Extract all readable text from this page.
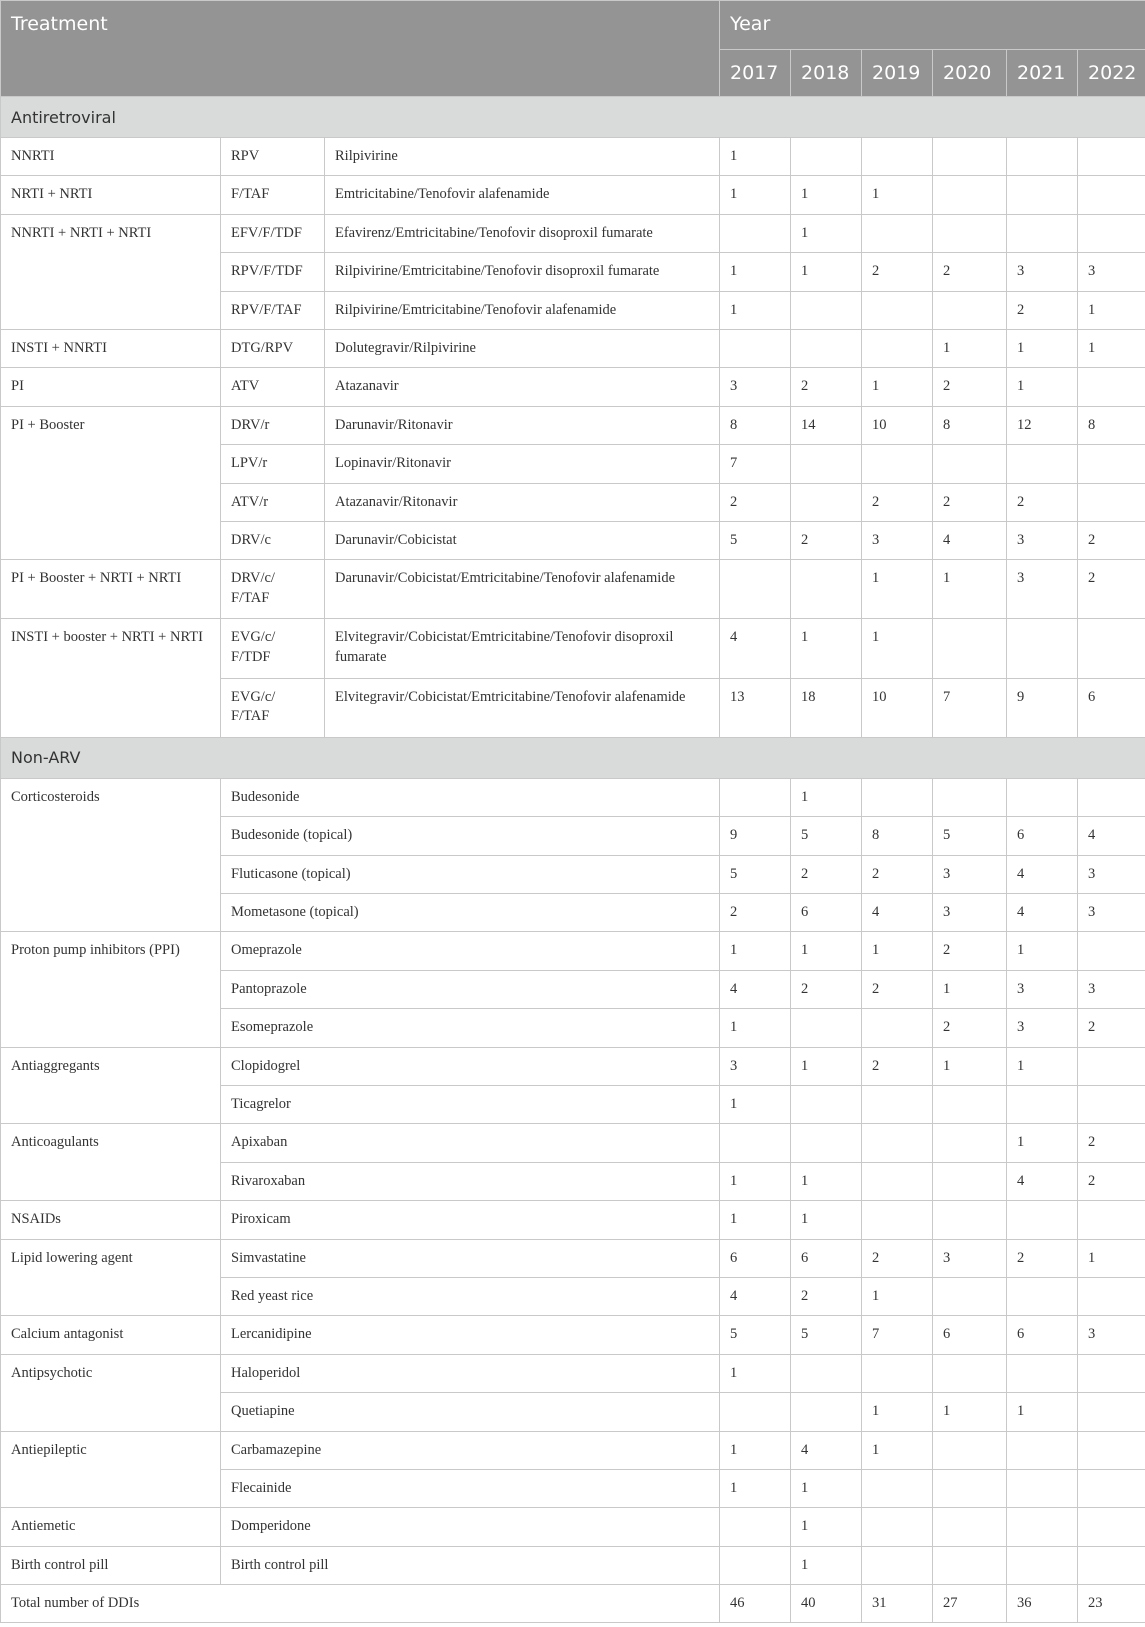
Treatment			Year					
			2017	2018	2019	2020	2021	2022
Antiretroviral								
NNRTI	RPV	Rilpivirine	1					
NRTI + NRTI	F/TAF	Emtricitabine/Tenofovir alafenamide	1	1	1			
NNRTI + NRTI + NRTI	EFV/F/TDF	Efavirenz/Emtricitabine/Tenofovir disoproxil fumarate		1				
	RPV/F/TDF	Rilpivirine/Emtricitabine/Tenofovir disoproxil fumarate	1	1	2	2	3	3
	RPV/F/TAF	Rilpivirine/Emtricitabine/Tenofovir alafenamide	1				2	1
INSTI + NNRTI	DTG/RPV	Dolutegravir/Rilpivirine				1	1	1
PI	ATV	Atazanavir	3	2	1	2	1	
PI + Booster	DRV/r	Darunavir/Ritonavir	8	14	10	8	12	8
	LPV/r	Lopinavir/Ritonavir	7					
	ATV/r	Atazanavir/Ritonavir	2		2	2	2	
	DRV/c	Darunavir/Cobicistat	5	2	3	4	3	2
PI + Booster + NRTI + NRTI	DRV/c/ F/TAF	Darunavir/Cobicistat/Emtricitabine/Tenofovir alafenamide			1	1	3	2
INSTI + booster + NRTI + NRTI	EVG/c/ F/TDF	Elvitegravir/Cobicistat/Emtricitabine/Tenofovir disoproxil fumarate	4	1	1			
	EVG/c/ F/TAF	Elvitegravir/Cobicistat/Emtricitabine/Tenofovir alafenamide	13	18	10	7	9	6
Non-ARV								
Corticosteroids	Budesonide			1				
	Budesonide (topical)		9	5	8	5	6	4
	Fluticasone (topical)		5	2	2	3	4	3
	Mometasone (topical)		2	6	4	3	4	3
Proton pump inhibitors (PPI)	Omeprazole		1	1	1	2	1	
	Pantoprazole		4	2	2	1	3	3
	Esomeprazole		1			2	3	2
Antiaggregants	Clopidogrel		3	1	2	1	1	
	Ticagrelor		1					
Anticoagulants	Apixaban						1	2
	Rivaroxaban		1	1			4	2
NSAIDs	Piroxicam		1	1				
Lipid lowering agent	Simvastatine		6	6	2	3	2	1
	Red yeast rice		4	2	1			
Calcium antagonist	Lercanidipine		5	5	7	6	6	3
Antipsychotic	Haloperidol		1					
	Quetiapine				1	1	1	
Antiepileptic	Carbamazepine		1	4	1			
	Flecainide		1	1				
Antiemetic	Domperidone			1				
Birth control pill	Birth control pill			1				
Total number of DDIs			46	40	31	27	36	23
